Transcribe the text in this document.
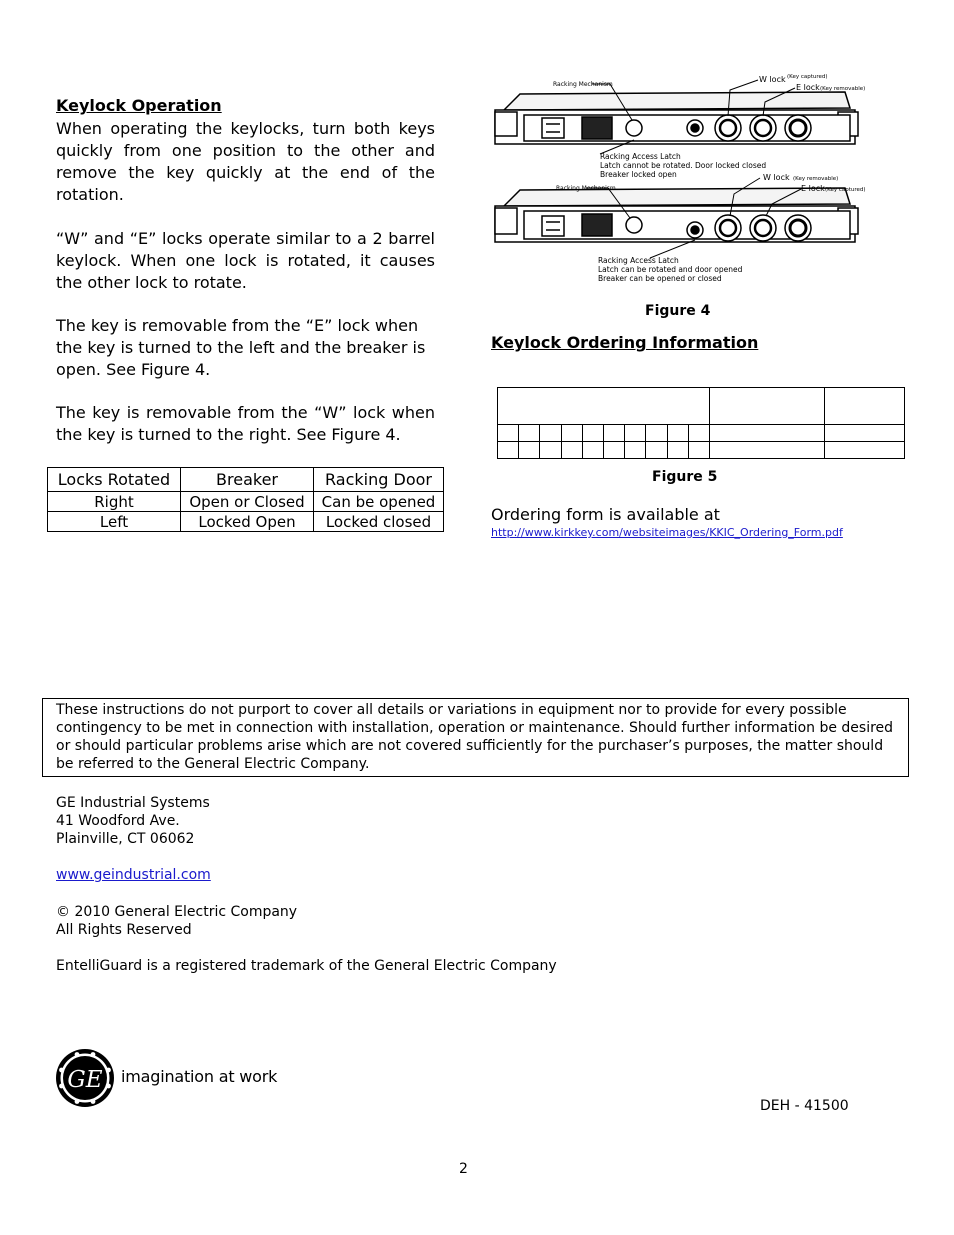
Keylock Operation
When operating the keylocks, turn both keys quickly from one position to the other and remove the key quickly at the end of the rotation.
“W” and “E” locks operate similar to a 2 barrel keylock. When one lock is rotated, it causes the other lock to rotate.
The key is removable from the “E” lock when the key is turned to the left and the breaker is open. See Figure 4.
The key is removable from the “W” lock when the key is turned to the right. See Figure 4.
Locks Rotated	Breaker	Racking Door
Right	Open or Closed	Can be opened
Left	Locked Open	Locked closed
Racking Mechanism
W lock (Key captured)
E lock (Key removable)
Racking Access Latch
Latch cannot be rotated. Door locked closed
Breaker locked open
Racking Mechanism
W lock (Key removable)
E lock (Key captured)
Racking Access Latch
Latch can be rotated and door opened
Breaker can be opened or closed
Figure 4
Keylock Ordering Information

Figure 5
Ordering form is available at
http://www.kirkkey.com/websiteimages/KKIC_Ordering_Form.pdf
These instructions do not purport to cover all details or variations in equipment nor to provide for every possible contingency to be met in connection with installation, operation or maintenance. Should further information be desired or should particular problems arise which are not covered sufficiently for the purchaser’s purposes, the matter should be referred to the General Electric Company.
GE Industrial Systems
41 Woodford Ave.
Plainville, CT 06062
www.geindustrial.com
© 2010 General Electric Company
All Rights Reserved
EntelliGuard is a registered trademark of the General Electric Company
GE imagination at work
DEH - 41500
2
